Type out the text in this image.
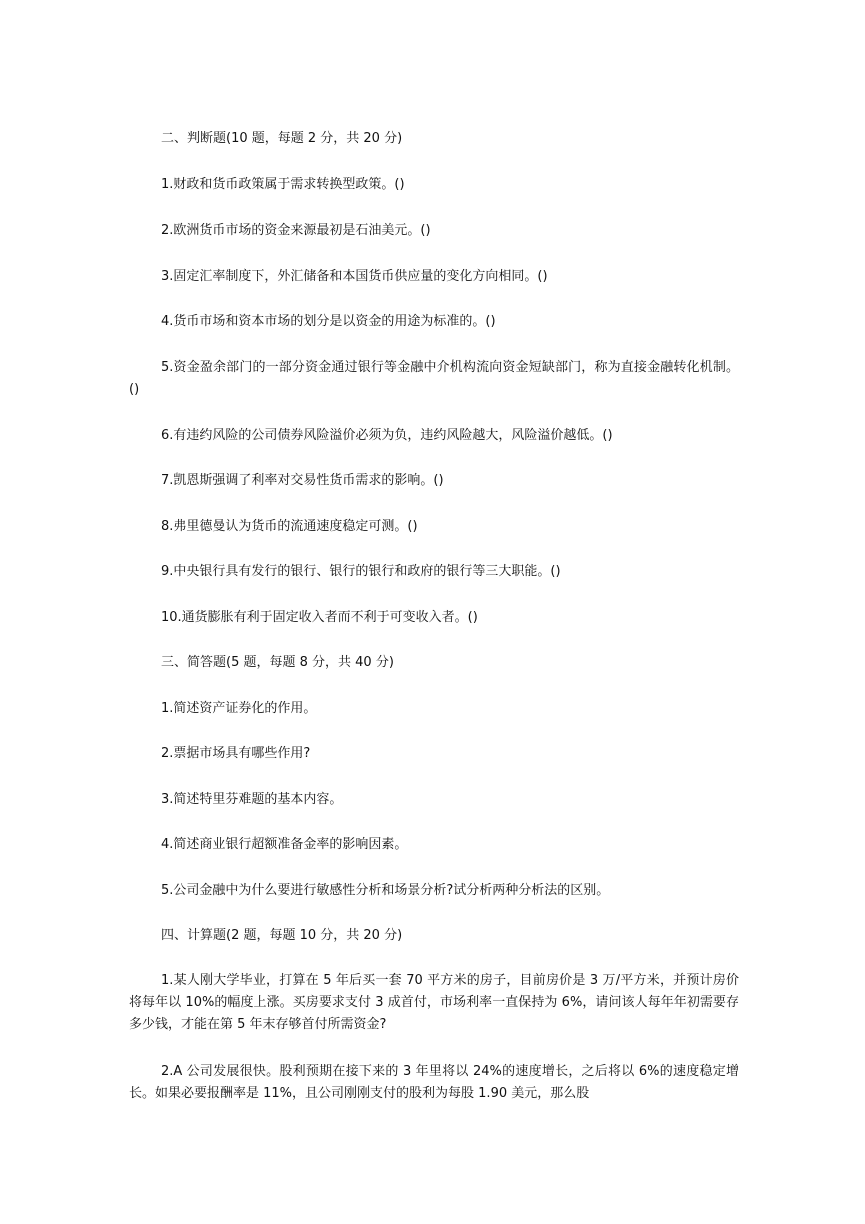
二、判断题(10 题，每题 2 分，共 20 分)

1.财政和货币政策属于需求转换型政策。()

2.欧洲货币市场的资金来源最初是石油美元。()

3.固定汇率制度下，外汇储备和本国货币供应量的变化方向相同。()

4.货币市场和资本市场的划分是以资金的用途为标准的。()

5.资金盈余部门的一部分资金通过银行等金融中介机构流向资金短缺部门，称为直接金融转化机制。()

6.有违约风险的公司债券风险溢价必须为负，违约风险越大，风险溢价越低。()

7.凯恩斯强调了利率对交易性货币需求的影响。()

8.弗里德曼认为货币的流通速度稳定可测。()

9.中央银行具有发行的银行、银行的银行和政府的银行等三大职能。()

10.通货膨胀有利于固定收入者而不利于可变收入者。()

三、简答题(5 题，每题 8 分，共 40 分)

1.简述资产证券化的作用。

2.票据市场具有哪些作用?

3.简述特里芬难题的基本内容。

4.简述商业银行超额准备金率的影响因素。

5.公司金融中为什么要进行敏感性分析和场景分析?试分析两种分析法的区别。

四、计算题(2 题，每题 10 分，共 20 分)

1.某人刚大学毕业，打算在 5 年后买一套 70 平方米的房子，目前房价是 3 万/平方米，并预计房价将每年以 10%的幅度上涨。买房要求支付 3 成首付，市场利率一直保持为 6%，请问该人每年年初需要存多少钱，才能在第 5 年末存够首付所需资金?

2.A 公司发展很快。股利预期在接下来的 3 年里将以 24%的速度增长，之后将以 6%的速度稳定增长。如果必要报酬率是 11%，且公司刚刚支付的股利为每股 1.90 美元，那么股
